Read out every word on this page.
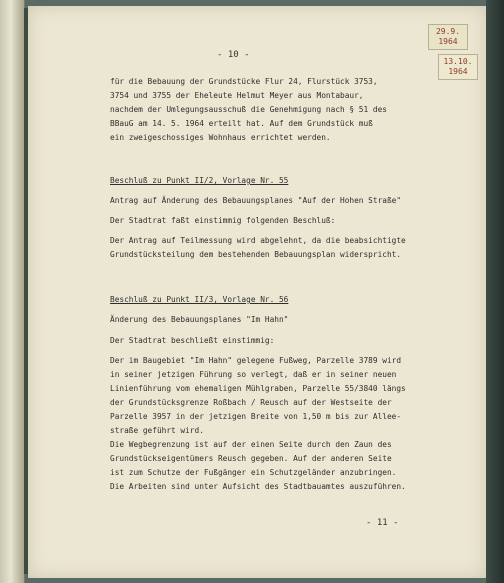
29.9.
1964
13.10.
1964
- 10 -
für die Bebauung der Grundstücke Flur 24, Flurstück 3753,
3754 und 3755 der Eheleute Helmut Meyer aus Montabaur,
nachdem der Umlegungsausschuß die Genehmigung nach § 51 des
BBauG am 14. 5. 1964 erteilt hat. Auf dem Grundstück muß
ein zweigeschossiges Wohnhaus errichtet werden.
Beschluß zu Punkt II/2, Vorlage Nr. 55
Antrag auf Änderung des Bebauungsplanes "Auf der Hohen Straße"
Der Stadtrat faßt einstimmig folgenden Beschluß:
Der Antrag auf Teilmessung wird abgelehnt, da die beabsichtigte
Grundstücksteilung dem bestehenden Bebauungsplan widerspricht.
Beschluß zu Punkt II/3, Vorlage Nr. 56
Änderung des Bebauungsplanes "Im Hahn"
Der Stadtrat beschließt einstimmig:
Der im Baugebiet "Im Hahn" gelegene Fußweg, Parzelle 3789 wird
in seiner jetzigen Führung so verlegt, daß er in seiner neuen
Linienführung vom ehemaligen Mühlgraben, Parzelle 55/3840 längs
der Grundstücksgrenze Roßbach / Reusch auf der Westseite der
Parzelle 3957 in der jetzigen Breite von 1,50 m bis zur Allee-
straße geführt wird.
Die Wegbegrenzung ist auf der einen Seite durch den Zaun des
Grundstückseigentümers Reusch gegeben. Auf der anderen Seite
ist zum Schutze der Fußgänger ein Schutzgeländer anzubringen.
Die Arbeiten sind unter Aufsicht des Stadtbauamtes auszuführen.
- 11 -
